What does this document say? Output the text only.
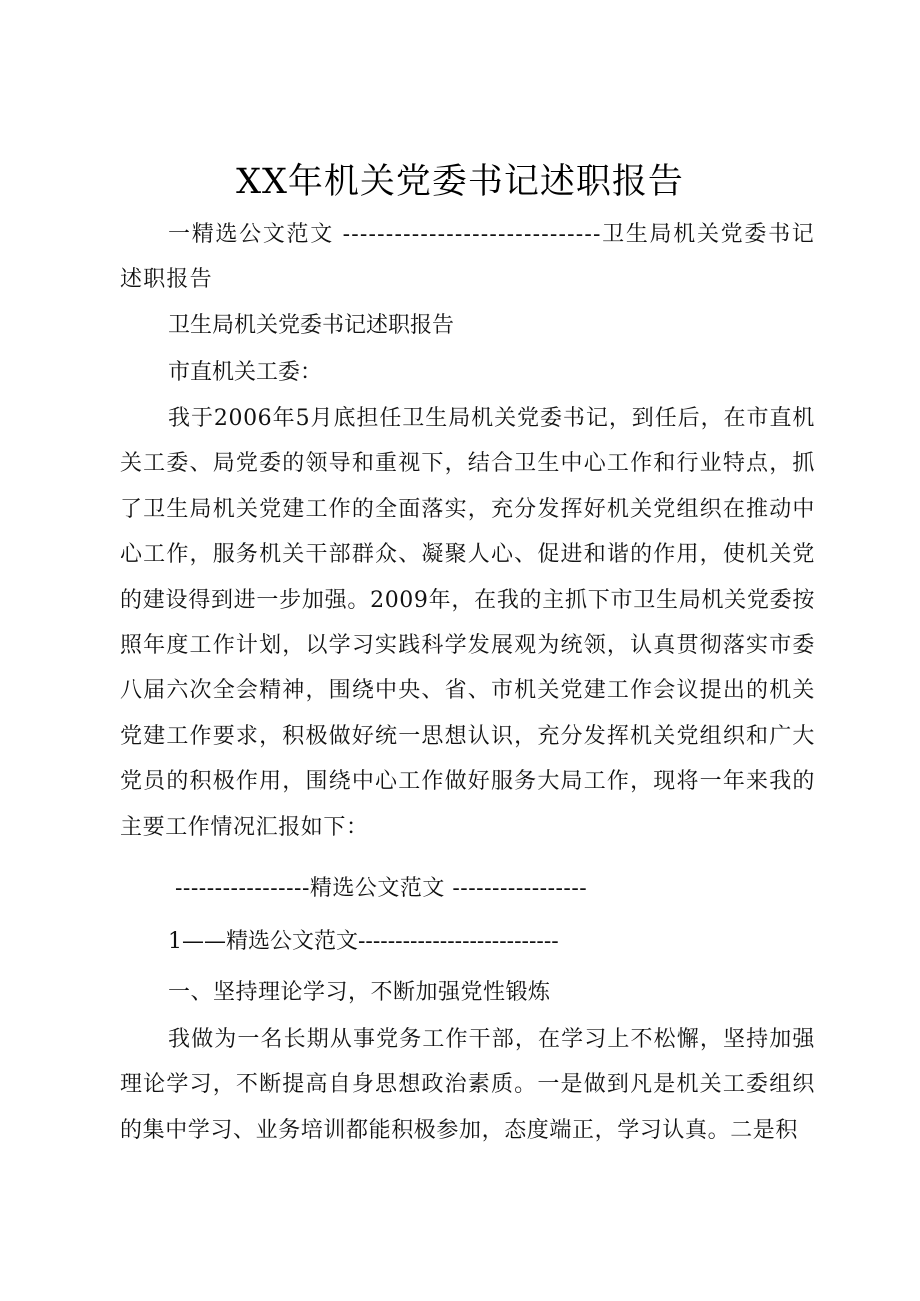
XX年机关党委书记述职报告
一精选公文范文 ------------------------------卫生局机关党委书记述职报告
卫生局机关党委书记述职报告
市直机关工委：
我于2006年5月底担任卫生局机关党委书记，到任后，在市直机关工委、局党委的领导和重视下，结合卫生中心工作和行业特点，抓了卫生局机关党建工作的全面落实，充分发挥好机关党组织在推动中心工作，服务机关干部群众、凝聚人心、促进和谐的作用，使机关党的建设得到进一步加强。2009年，在我的主抓下市卫生局机关党委按照年度工作计划，以学习实践科学发展观为统领，认真贯彻落实市委八届六次全会精神，围绕中央、省、市机关党建工作会议提出的机关党建工作要求，积极做好统一思想认识，充分发挥机关党组织和广大党员的积极作用，围绕中心工作做好服务大局工作，现将一年来我的主要工作情况汇报如下：
-----------------精选公文范文 -----------------
1——精选公文范文---------------------------
一、坚持理论学习，不断加强党性锻炼
我做为一名长期从事党务工作干部，在学习上不松懈，坚持加强理论学习，不断提高自身思想政治素质。一是做到凡是机关工委组织的集中学习、业务培训都能积极参加，态度端正，学习认真。二是积
